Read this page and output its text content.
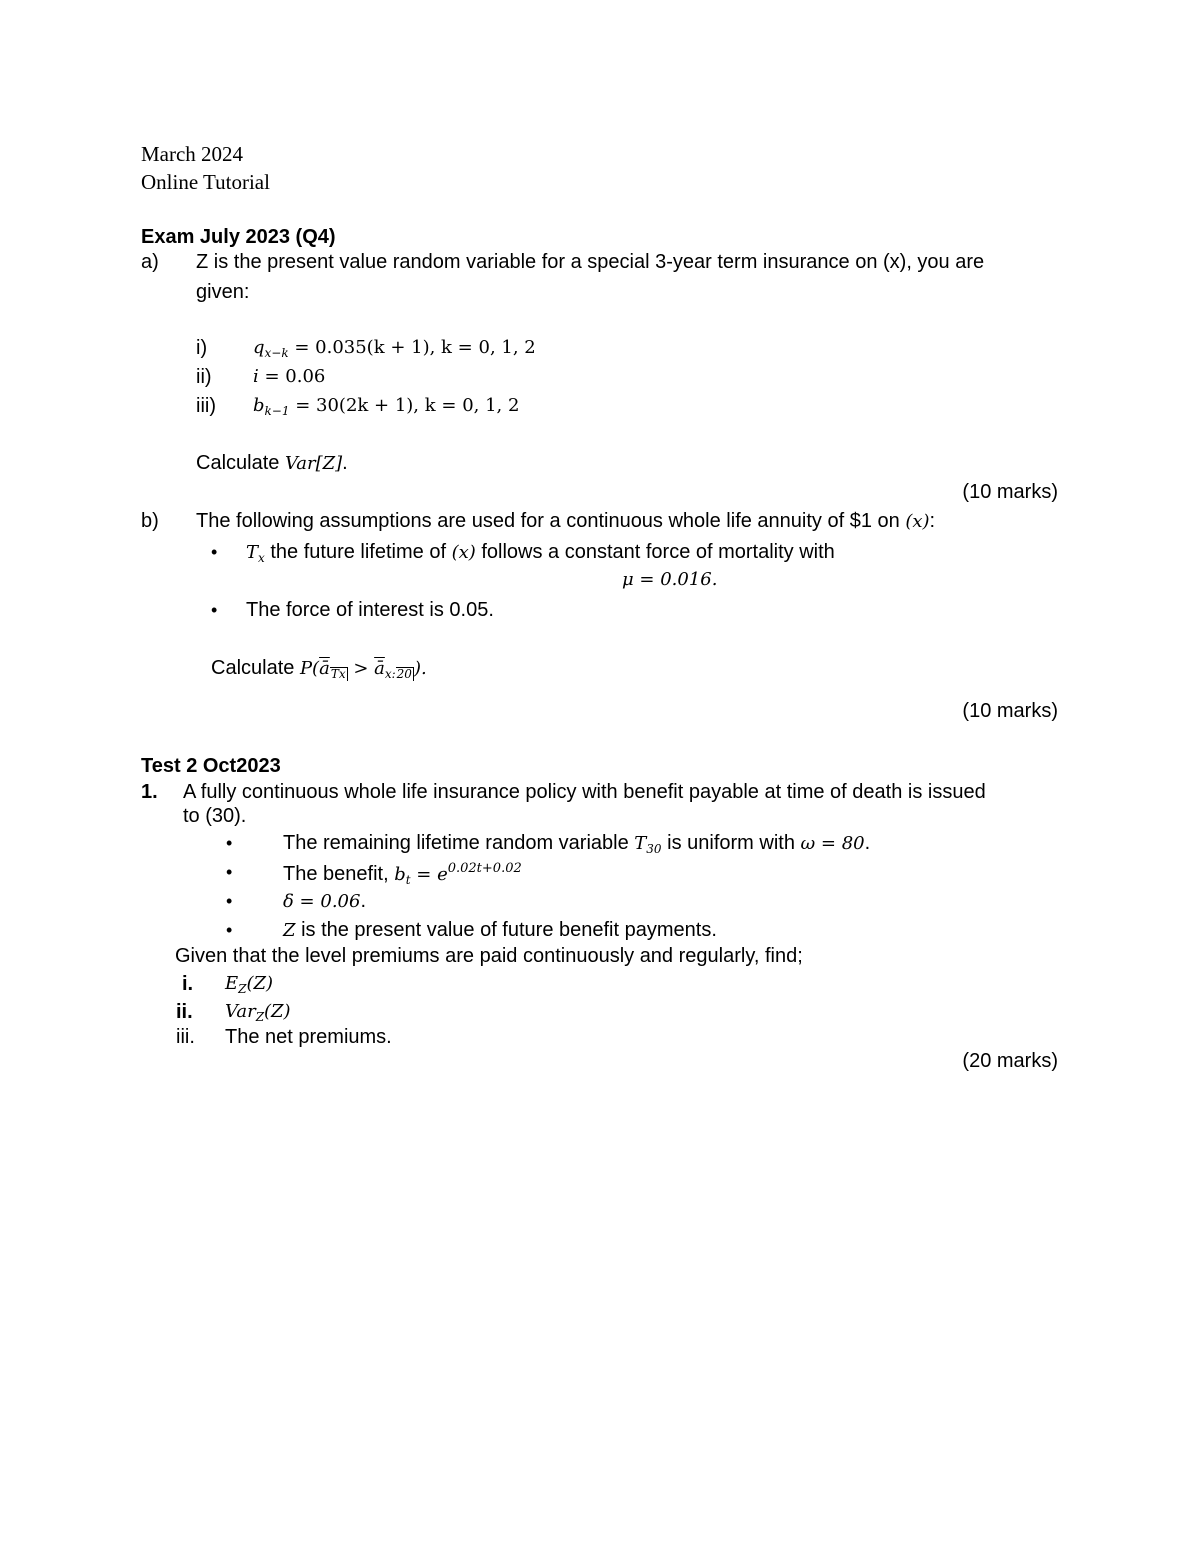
March 2024
Online Tutorial
Exam July 2023 (Q4)
a) Z is the present value random variable for a special 3-year term insurance on (x), you are
given:
i)	$q_{x-k} = 0.035(k + 1)$, k = 0, 1, 2
ii) i = 0.06
iii) $b_{k-1} = 30(2k + 1)$, k = 0, 1, 2
Calculate Var[Z].
(10 marks)
b) The following assumptions are used for a continuous whole life annuity of $1 on (x):
• $T_x$ the future lifetime of (x) follows a constant force of mortality with
μ = 0.016.
• The force of interest is 0.05.
Calculate $P(\overline{ā}Tx > \overline{ā}_{x:}20$ ).
(10 marks)
Test 2 Oct2023
1. A fully continuous whole life insurance policy with benefit payable at time of death is issued
to (30).
•	The remaining lifetime random variable $T_{30}$ is uniform with ω = 80.
•	The benefit, $b_t = e^{0.02t+0.02}$
•	δ = 0.06.
•	Z is the present value of future benefit payments.
Given that the level premiums are paid continuously and regularly, find;
i. $E_Z(Z)$
ii. Var$_Z$(Z)
iii. The net premiums.
(20 marks)
